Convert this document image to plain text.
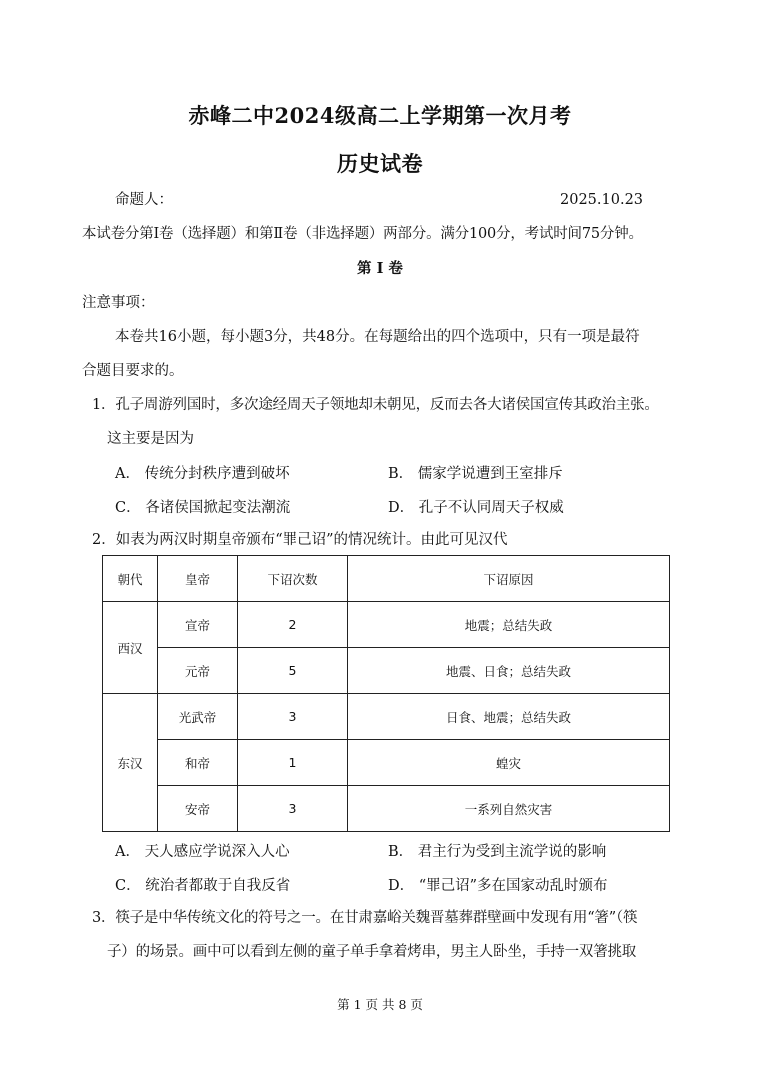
赤峰二中2024级高二上学期第一次月考
历史试卷
命题人：	2025.10.23
本试卷分第Ⅰ卷（选择题）和第Ⅱ卷（非选择题）两部分。满分100分，考试时间75分钟。
第 Ⅰ 卷
注意事项：
本卷共16小题，每小题3分，共48分。在每题给出的四个选项中，只有一项是最符
合题目要求的。
1．孔子周游列国时，多次途经周天子领地却未朝见，反而去各大诸侯国宣传其政治主张。
这主要是因为
A． 传统分封秩序遭到破坏	B． 儒家学说遭到王室排斥
C． 各诸侯国掀起变法潮流	D． 孔子不认同周天子权威
2．如表为两汉时期皇帝颁布“罪己诏”的情况统计。由此可见汉代
朝代	皇帝	下诏次数	下诏原因
西汉	宣帝	2	地震；总结失政
	元帝	5	地震、日食；总结失政
东汉	光武帝	3	日食、地震；总结失政
	和帝	1	蝗灾
	安帝	3	一系列自然灾害
A． 天人感应学说深入人心	B． 君主行为受到主流学说的影响
C． 统治者都敢于自我反省	D． “罪己诏”多在国家动乱时颁布
3．筷子是中华传统文化的符号之一。在甘肃嘉峪关魏晋墓葬群壁画中发现有用“箸”（筷
子）的场景。画中可以看到左侧的童子单手拿着烤串，男主人卧坐，手持一双箸挑取
第 1 页 共 8 页
